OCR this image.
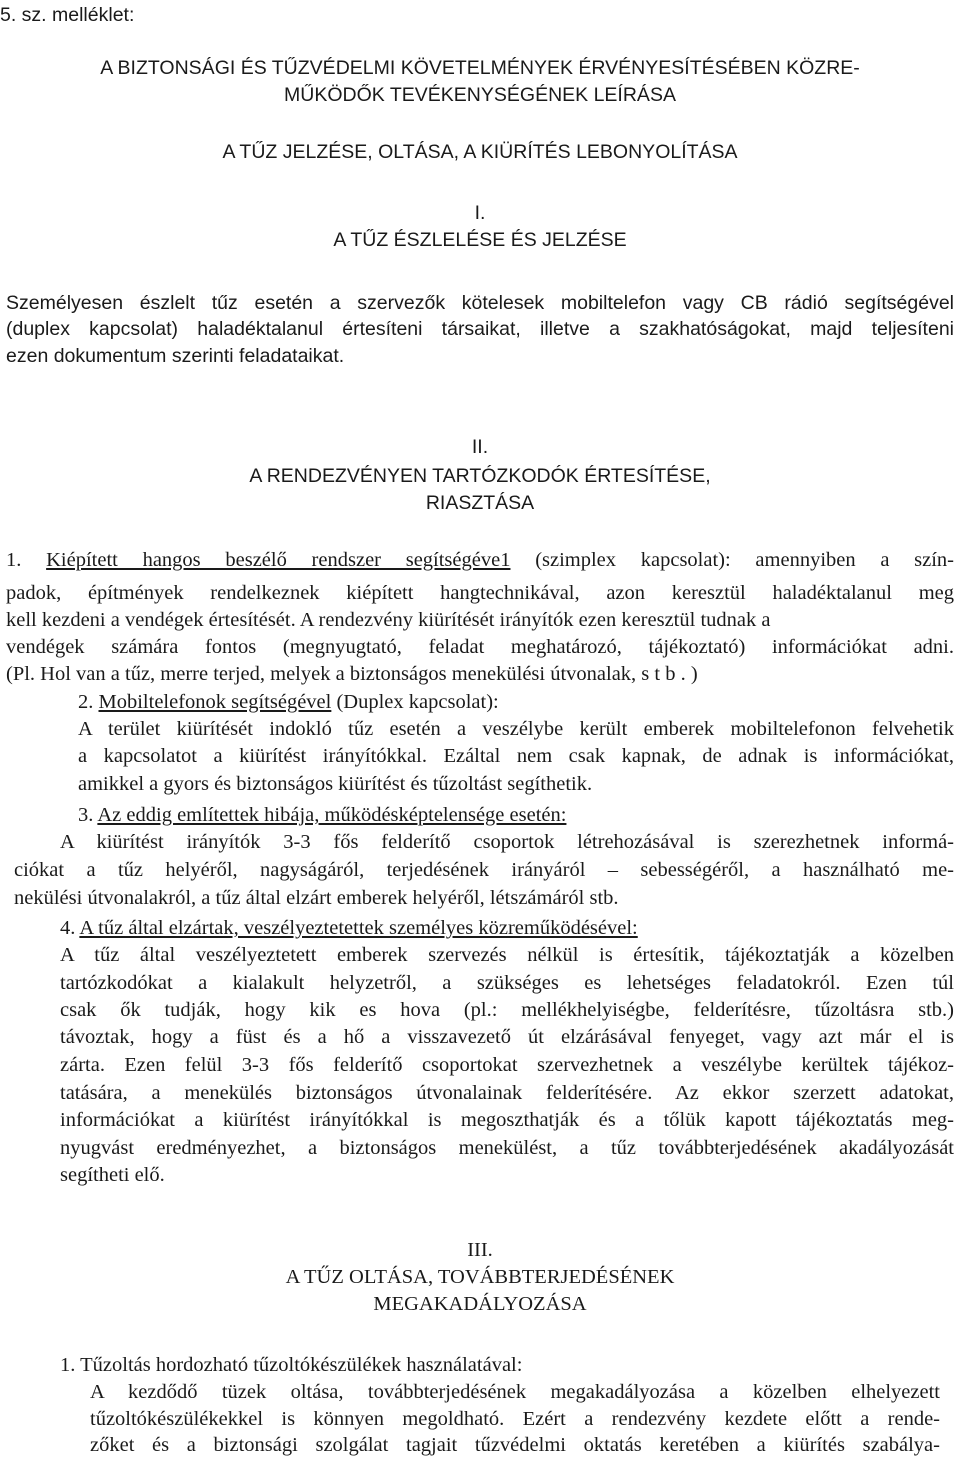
5. sz. melléklet:
A BIZTONSÁGI ÉS TŰZVÉDELMI KÖVETELMÉNYEK ÉRVÉNYESÍTÉSÉBEN KÖZRE-
MŰKÖDŐK TEVÉKENYSÉGÉNEK LEÍRÁSA
A TŰZ JELZÉSE, OLTÁSA, A KIÜRÍTÉS LEBONYOLÍTÁSA
I.
A TŰZ ÉSZLELÉSE ÉS JELZÉSE
Személyesen észlelt tűz esetén a szervezők kötelesek mobiltelefon vagy CB rádió segítségével
(duplex kapcsolat) haladéktalanul értesíteni társaikat, illetve a szakhatóságokat, majd teljesíteni
ezen dokumentum szerinti feladataikat.
II.
A RENDEZVÉNYEN TARTÓZKODÓK ÉRTESÍTÉSE,
RIASZTÁSA
1. Kiépített hangos beszélő rendszer segítségéve1 (szimplex kapcsolat): amennyiben a szín-
padok, építmények rendelkeznek kiépített hangtechnikával, azon keresztül haladéktalanul meg
kell kezdeni a vendégek értesítését. A rendezvény kiürítését irányítók ezen keresztül tudnak a
vendégek számára fontos (megnyugtató, feladat meghatározó, tájékoztató) információkat adni.
(Pl. Hol van a tűz, merre terjed, melyek a biztonságos menekülési útvonalak, s t b . )
2. Mobiltelefonok segítségével (Duplex kapcsolat):
A terület kiürítését indokló tűz esetén a veszélybe került emberek mobiltelefonon felvehetik
a kapcsolatot a kiürítést irányítókkal. Ezáltal nem csak kapnak, de adnak is információkat,
amikkel a gyors és biztonságos kiürítést és tűzoltást segíthetik.
3. Az eddig említettek hibája, működésképtelensége esetén:
A kiürítést irányítók 3-3 fős felderítő csoportok létrehozásával is szerezhetnek informá-
ciókat a tűz helyéről, nagyságáról, terjedésének irányáról – sebességéről, a használható me-
nekülési útvonalakról, a tűz által elzárt emberek helyéről, létszámáról stb.
4. A tűz által elzártak, veszélyeztetettek személyes közreműködésével:
A tűz által veszélyeztetett emberek szervezés nélkül is értesítik, tájékoztatják a közelben
tartózkodókat a kialakult helyzetről, a szükséges es lehetséges feladatokról. Ezen túl
csak ők tudják, hogy kik es hova (pl.: mellékhelyiségbe, felderítésre, tűzoltásra stb.)
távoztak, hogy a füst és a hő a visszavezető út elzárásával fenyeget, vagy azt már el is
zárta. Ezen felül 3-3 fős felderítő csoportokat szervezhetnek a veszélybe kerültek tájékoz-
tatására, a menekülés biztonságos útvonalainak felderítésére. Az ekkor szerzett adatokat,
információkat a kiürítést irányítókkal is megoszthatják és a tőlük kapott tájékoztatás meg-
nyugvást eredményezhet, a biztonságos menekülést, a tűz továbbterjedésének akadályozását
segítheti elő.
III.
A TŰZ OLTÁSA, TOVÁBBTERJEDÉSÉNEK
MEGAKADÁLYOZÁSA
1. Tűzoltás hordozható tűzoltókészülékek használatával:
A kezdődő tüzek oltása, továbbterjedésének megakadályozása a közelben elhelyezett
tűzoltókészülékekkel is könnyen megoldható. Ezért a rendezvény kezdete előtt a rende-
zőket és a biztonsági szolgálat tagjait tűzvédelmi oktatás keretében a kiürítés szabálya-
